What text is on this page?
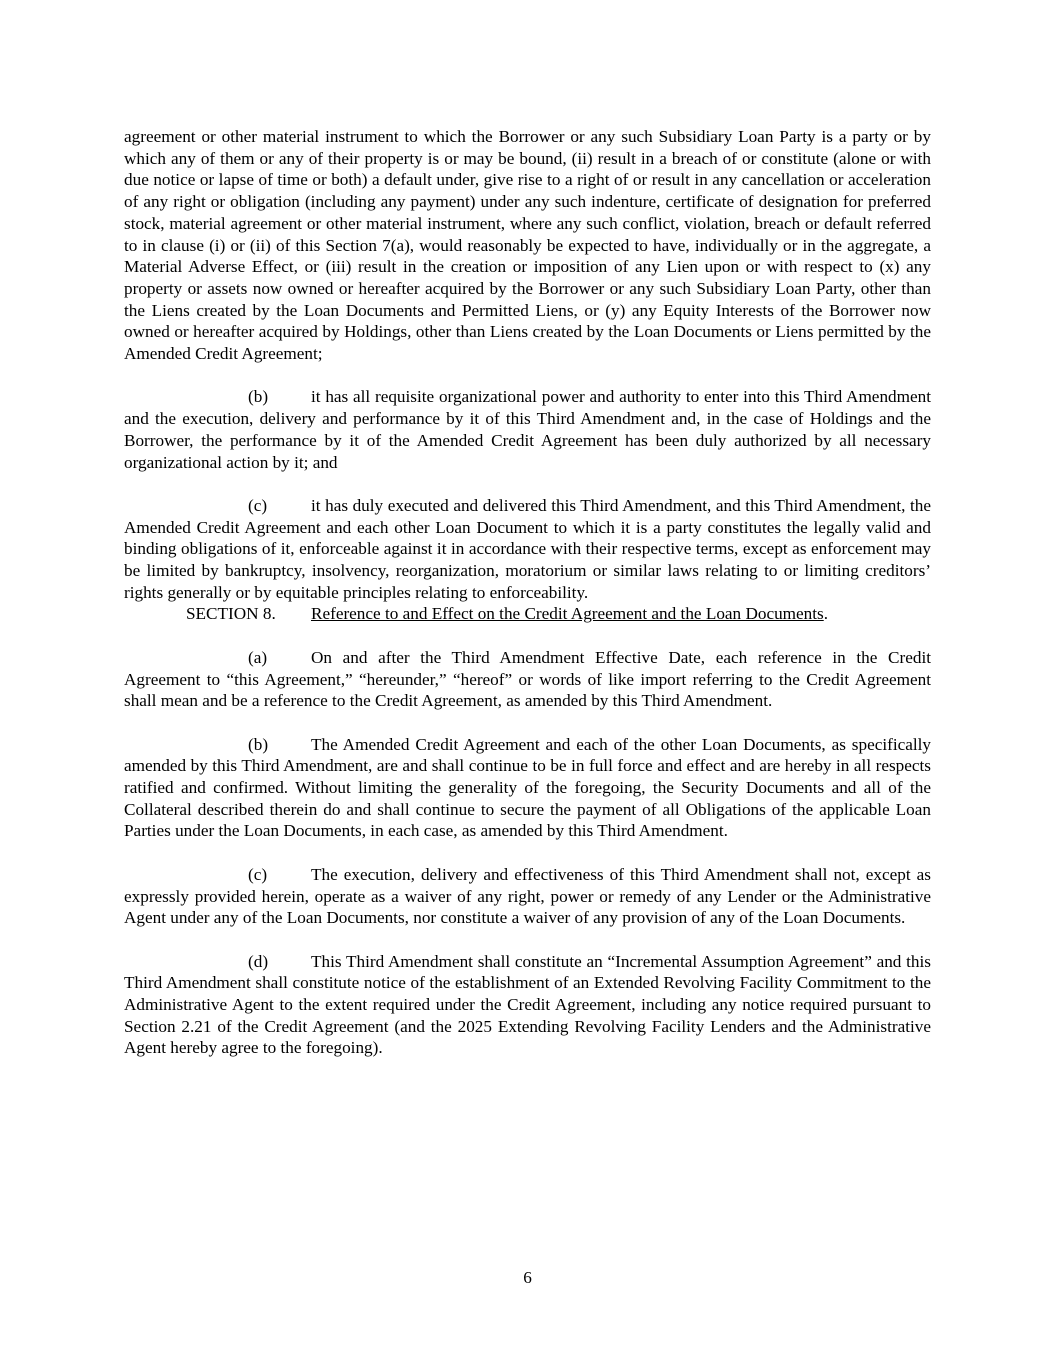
agreement or other material instrument to which the Borrower or any such Subsidiary Loan Party is a party or by which any of them or any of their property is or may be bound, (ii) result in a breach of or constitute (alone or with due notice or lapse of time or both) a default under, give rise to a right of or result in any cancellation or acceleration of any right or obligation (including any payment) under any such indenture, certificate of designation for preferred stock, material agreement or other material instrument, where any such conflict, violation, breach or default referred to in clause (i) or (ii) of this Section 7(a), would reasonably be expected to have, individually or in the aggregate, a Material Adverse Effect, or (iii) result in the creation or imposition of any Lien upon or with respect to (x) any property or assets now owned or hereafter acquired by the Borrower or any such Subsidiary Loan Party, other than the Liens created by the Loan Documents and Permitted Liens, or (y) any Equity Interests of the Borrower now owned or hereafter acquired by Holdings, other than Liens created by the Loan Documents or Liens permitted by the Amended Credit Agreement;

(b) it has all requisite organizational power and authority to enter into this Third Amendment and the execution, delivery and performance by it of this Third Amendment and, in the case of Holdings and the Borrower, the performance by it of the Amended Credit Agreement has been duly authorized by all necessary organizational action by it; and

(c)	it has duly executed and delivered this Third Amendment, and this Third Amendment, the Amended Credit Agreement and each other Loan Document to which it is a party constitutes the legally valid and binding obligations of it, enforceable against it in accordance with their respective terms, except as enforcement may be limited by bankruptcy, insolvency, reorganization, moratorium or similar laws relating to or limiting creditors’ rights generally or by equitable principles relating to enforceability.

SECTION 8. Reference to and Effect on the Credit Agreement and the Loan Documents.

(a)	On and after the Third Amendment Effective Date, each reference in the Credit Agreement to “this Agreement,” “hereunder,” “hereof” or words of like import referring to the Credit Agreement shall mean and be a reference to the Credit Agreement, as amended by this Third Amendment.

(b) The Amended Credit Agreement and each of the other Loan Documents, as specifically amended by this Third Amendment, are and shall continue to be in full force and effect and are hereby in all respects ratified and confirmed. Without limiting the generality of the foregoing, the Security Documents and all of the Collateral described therein do and shall continue to secure the payment of all Obligations of the applicable Loan Parties under the Loan Documents, in each case, as amended by this Third Amendment.

(c)	The execution, delivery and effectiveness of this Third Amendment shall not, except as expressly provided herein, operate as a waiver of any right, power or remedy of any Lender or the Administrative Agent under any of the Loan Documents, nor constitute a waiver of any provision of any of the Loan Documents.

(d) This Third Amendment shall constitute an “Incremental Assumption Agreement” and this Third Amendment shall constitute notice of the establishment of an Extended Revolving Facility Commitment to the Administrative Agent to the extent required under the Credit Agreement, including any notice required pursuant to Section 2.21 of the Credit Agreement (and the 2025 Extending Revolving Facility Lenders and the Administrative Agent hereby agree to the foregoing).

6
